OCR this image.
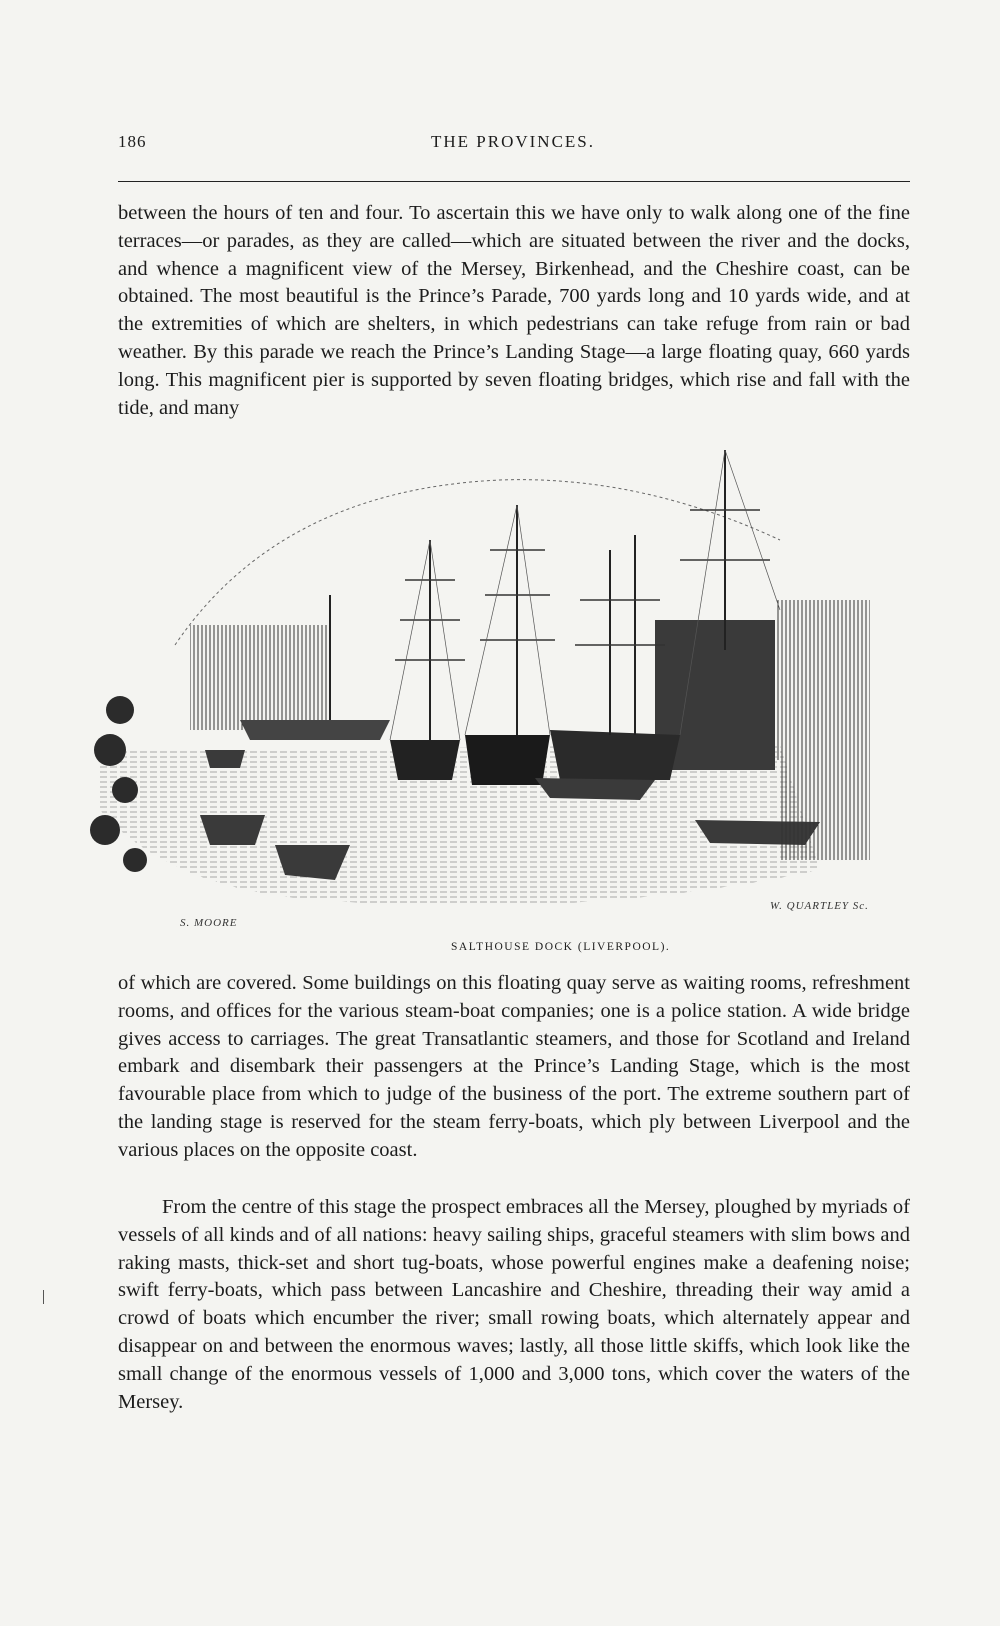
186	THE PROVINCES.

between the hours of ten and four. To ascertain this we have only to walk along one of the fine terraces—or parades, as they are called—which are situated between the river and the docks, and whence a magnificent view of the Mersey, Birkenhead, and the Cheshire coast, can be obtained. The most beautiful is the Prince’s Parade, 700 yards long and 10 yards wide, and at the extremities of which are shelters, in which pedestrians can take refuge from rain or bad weather. By this parade we reach the Prince’s Landing Stage—a large floating quay, 660 yards long. This magnificent pier is supported by seven floating bridges, which rise and fall with the tide, and many

W. QUARTLEY Sc.
S. MOORE
SALTHOUSE DOCK (LIVERPOOL).

of which are covered. Some buildings on this floating quay serve as waiting rooms, refreshment rooms, and offices for the various steam-boat companies; one is a police station. A wide bridge gives access to carriages. The great Transatlantic steamers, and those for Scotland and Ireland embark and disembark their passengers at the Prince’s Landing Stage, which is the most favourable place from which to judge of the business of the port. The extreme southern part of the landing stage is reserved for the steam ferry-boats, which ply between Liverpool and the various places on the opposite coast.

From the centre of this stage the prospect embraces all the Mersey, ploughed by myriads of vessels of all kinds and of all nations: heavy sailing ships, graceful steamers with slim bows and raking masts, thick-set and short tug-boats, whose powerful engines make a deafening noise; swift ferry-boats, which pass between Lancashire and Cheshire, threading their way amid a crowd of boats which encumber the river; small rowing boats, which alternately appear and disappear on and between the enormous waves; lastly, all those little skiffs, which look like the small change of the enormous vessels of 1,000 and 3,000 tons, which cover the waters of the Mersey.
